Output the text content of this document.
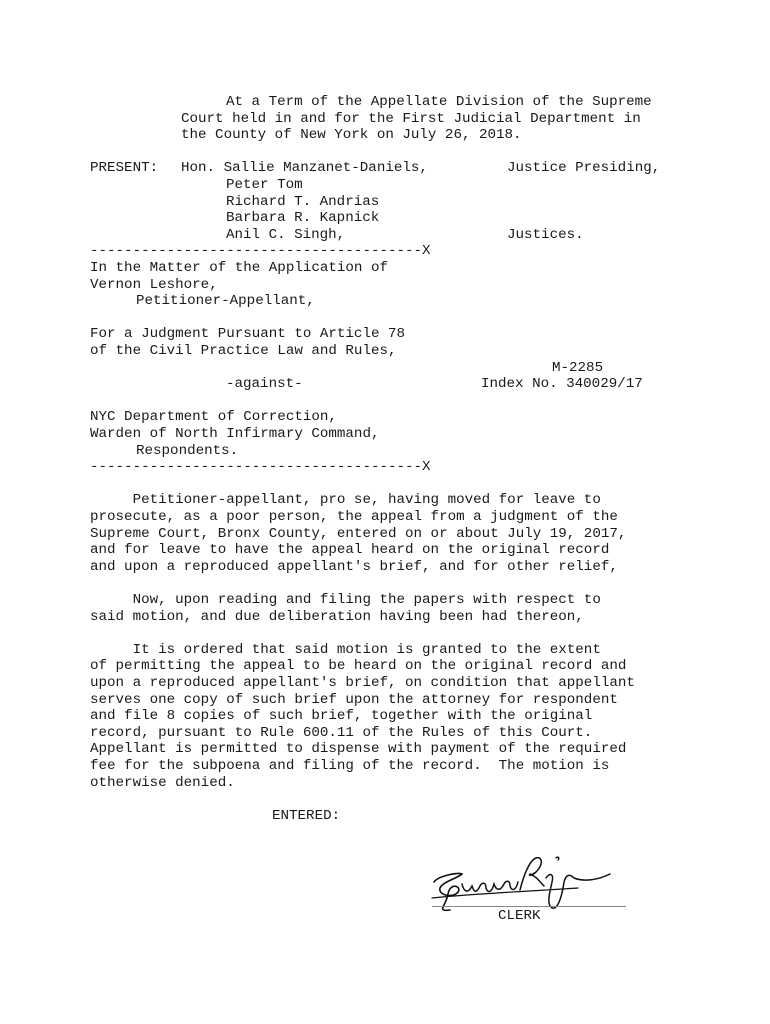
At a Term of the Appellate Division of the Supreme

Court held in and for the First Judicial Department in

the County of New York on July 26, 2018.

PRESENT: Hon. Sallie Manzanet-Daniels,	Justice Presiding,

Peter Tom

Richard T. Andrias

Barbara R. Kapnick

Anil C. Singh,	Justices.

---------------------------------------X

In the Matter of the Application of

Vernon Leshore,

Petitioner-Appellant,

For a Judgment Pursuant to Article 78

of the Civil Practice Law and Rules,

M-2285

-against-	Index No. 340029/17

NYC Department of Correction,

Warden of North Infirmary Command,

Respondents.

---------------------------------------X

Petitioner-appellant, pro se, having moved for leave to

prosecute, as a poor person, the appeal from a judgment of the

Supreme Court, Bronx County, entered on or about July 19, 2017,

and for leave to have the appeal heard on the original record

and upon a reproduced appellant's brief, and for other relief,

Now, upon reading and filing the papers with respect to

said motion, and due deliberation having been had thereon,

It is ordered that said motion is granted to the extent

of permitting the appeal to be heard on the original record and

upon a reproduced appellant's brief, on condition that appellant

serves one copy of such brief upon the attorney for respondent

and file 8 copies of such brief, together with the original

record, pursuant to Rule 600.11 of the Rules of this Court.

Appellant is permitted to dispense with payment of the required

fee for the subpoena and filing of the record.  The motion is

otherwise denied.

ENTERED:

CLERK
